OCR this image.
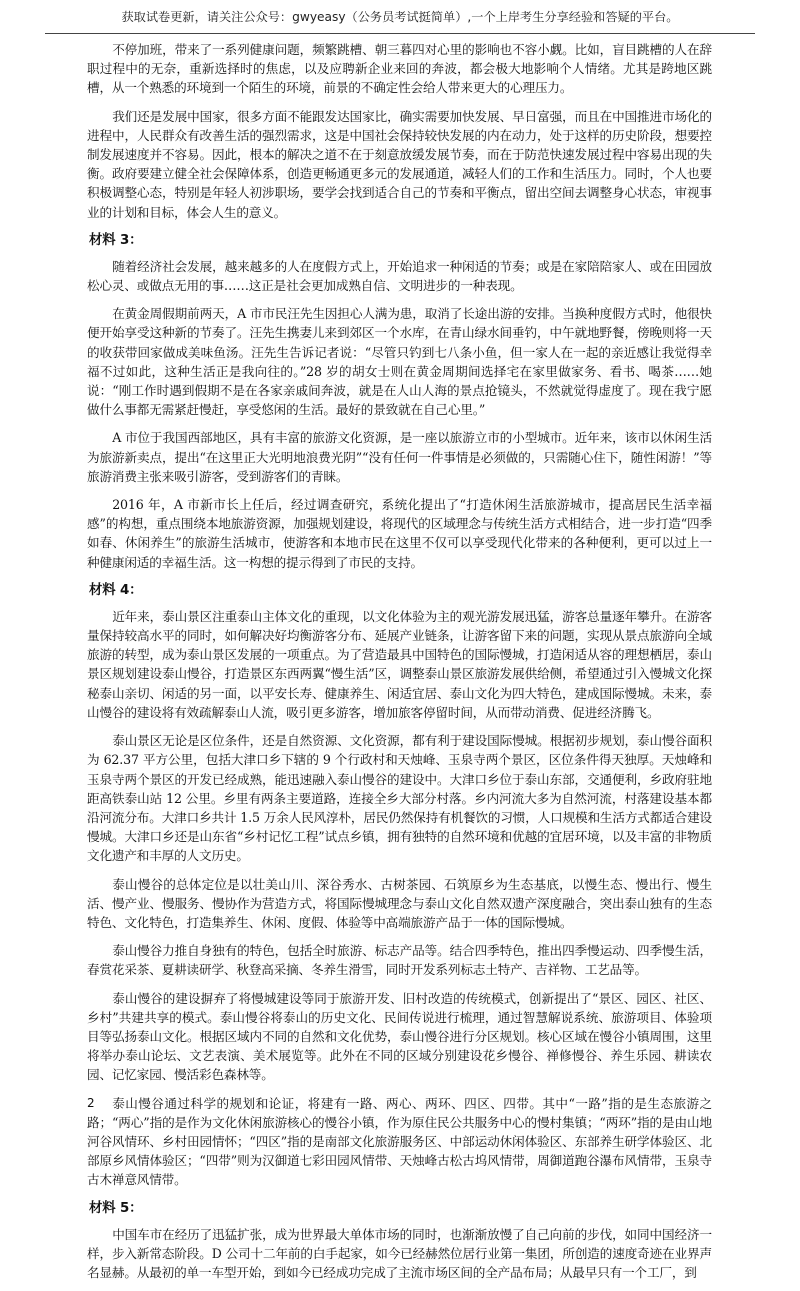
获取试卷更新，请关注公众号：gwyeasy（公务员考试挺简单）,一个上岸考生分享经验和答疑的平台。

不停加班，带来了一系列健康问题，频繁跳槽、朝三暮四对心里的影响也不容小觑。比如，盲目跳槽的人在辞职过程中的无奈，重新选择时的焦虑，以及应聘新企业来回的奔波，都会极大地影响个人情绪。尤其是跨地区跳槽，从一个熟悉的环境到一个陌生的环境，前景的不确定性会给人带来更大的心理压力。

我们还是发展中国家，很多方面不能跟发达国家比，确实需要加快发展、早日富强，而且在中国推进市场化的进程中，人民群众有改善生活的强烈需求，这是中国社会保持较快发展的内在动力，处于这样的历史阶段，想要控制发展速度并不容易。因此，根本的解决之道不在于刻意放缓发展节奏，而在于防范快速发展过程中容易出现的失衡。政府要建立健全社会保障体系，创造更畅通更多元的发展通道，减轻人们的工作和生活压力。同时，个人也要积极调整心态，特别是年轻人初涉职场，要学会找到适合自己的节奏和平衡点，留出空间去调整身心状态，审视事业的计划和目标，体会人生的意义。

材料 3：

随着经济社会发展，越来越多的人在度假方式上，开始追求一种闲适的节奏；或是在家陪陪家人、或在田园放松心灵、或做点无用的事……这正是社会更加成熟自信、文明进步的一种表现。

在黄金周假期前两天，A 市市民汪先生因担心人满为患，取消了长途出游的安排。当换种度假方式时，他很快便开始享受这种新的节奏了。汪先生携妻儿来到郊区一个水库，在青山绿水间垂钓，中午就地野餐，傍晚则将一天的收获带回家做成美味鱼汤。汪先生告诉记者说：“尽管只钓到七八条小鱼，但一家人在一起的亲近感让我觉得幸福不过如此，这种生活正是我向往的。”28 岁的胡女士则在黄金周期间选择宅在家里做家务、看书、喝茶……她说：“刚工作时遇到假期不是在各家亲戚间奔波，就是在人山人海的景点抢镜头，不然就觉得虚度了。现在我宁愿做什么事都无需紧赶慢赶，享受悠闲的生活。最好的景致就在自己心里。”

A 市位于我国西部地区，具有丰富的旅游文化资源，是一座以旅游立市的小型城市。近年来，该市以休闲生活为旅游新卖点，提出“在这里正大光明地浪费光阴”“没有任何一件事情是必须做的，只需随心住下，随性闲游！”等旅游消费主张来吸引游客，受到游客们的青睐。

2016 年，A 市新市长上任后，经过调查研究，系统化提出了“打造休闲生活旅游城市，提高居民生活幸福感”的构想，重点围绕本地旅游资源，加强规划建设，将现代的区域理念与传统生活方式相结合，进一步打造“四季如春、休闲养生”的旅游生活城市，使游客和本地市民在这里不仅可以享受现代化带来的各种便利，更可以过上一种健康闲适的幸福生活。这一构想的提示得到了市民的支持。

材料 4：

近年来，泰山景区注重泰山主体文化的重现，以文化体验为主的观光游发展迅猛，游客总量逐年攀升。在游客量保持较高水平的同时，如何解决好均衡游客分布、延展产业链条，让游客留下来的问题，实现从景点旅游向全域旅游的转型，成为泰山景区发展的一项重点。为了营造最具中国特色的国际慢城，打造闲适从容的理想栖居，泰山景区规划建设泰山慢谷，打造景区东西两翼“慢生活”区，调整泰山景区旅游发展供给侧，希望通过引入慢城文化探秘泰山亲切、闲适的另一面，以平安长寿、健康养生、闲适宜居、泰山文化为四大特色，建成国际慢城。未来，泰山慢谷的建设将有效疏解泰山人流，吸引更多游客，增加旅客停留时间，从而带动消费、促进经济腾飞。

泰山景区无论是区位条件，还是自然资源、文化资源，都有利于建设国际慢城。根据初步规划，泰山慢谷面积为 62.37 平方公里，包括大津口乡下辖的 9 个行政村和天烛峰、玉泉寺两个景区，区位条件得天独厚。天烛峰和玉泉寺两个景区的开发已经成熟，能迅速融入泰山慢谷的建设中。大津口乡位于泰山东部，交通便利，乡政府驻地距高铁泰山站 12 公里。乡里有两条主要道路，连接全乡大部分村落。乡内河流大多为自然河流，村落建设基本都沿河流分布。大津口乡共计 1.5 万余人民风淳朴，居民仍然保持有机餐饮的习惯，人口规模和生活方式都适合建设慢城。大津口乡还是山东省“乡村记忆工程”试点乡镇，拥有独特的自然环境和优越的宜居环境，以及丰富的非物质文化遗产和丰厚的人文历史。

泰山慢谷的总体定位是以壮美山川、深谷秀水、古树茶园、石筑原乡为生态基底，以慢生态、慢出行、慢生活、慢产业、慢服务、慢协作为营造方式，将国际慢城理念与泰山文化自然双遗产深度融合，突出泰山独有的生态特色、文化特色，打造集养生、休闲、度假、体验等中高端旅游产品于一体的国际慢城。

泰山慢谷力推自身独有的特色，包括全时旅游、标志产品等。结合四季特色，推出四季慢运动、四季慢生活，春赏花采茶、夏耕读研学、秋登高采摘、冬养生滑雪，同时开发系列标志土特产、吉祥物、工艺品等。

泰山慢谷的建设摒弃了将慢城建设等同于旅游开发、旧村改造的传统模式，创新提出了“景区、园区、社区、乡村”共建共享的模式。泰山慢谷将泰山的历史文化、民间传说进行梳理，通过智慧解说系统、旅游项目、体验项目等弘扬泰山文化。根据区域内不同的自然和文化优势，泰山慢谷进行分区规划。核心区域在慢谷小镇周围，这里将举办泰山论坛、文艺表演、美术展览等。此外在不同的区域分别建设花乡慢谷、禅修慢谷、养生乐园、耕读农园、记忆家园、慢活彩色森林等。

泰山慢谷通过科学的规划和论证，将建有一路、两心、两环、四区、四带。其中“一路”指的是生态旅游之路；“两心”指的是作为文化休闲旅游核心的慢谷小镇，作为原住民公共服务中心的慢村集镇；“两环”指的是由山地河谷风情环、乡村田园情怀；“四区”指的是南部文化旅游服务区、中部运动休闲体验区、东部养生研学体验区、北部原乡风情体验区；“四带”则为汉御道七彩田园风情带、天烛峰古松古坞风情带，周御道跑谷瀑布风情带，玉泉寺古木禅意风情带。

材料 5：

中国车市在经历了迅猛扩张，成为世界最大单体市场的同时，也渐渐放慢了自己向前的步伐，如同中国经济一样，步入新常态阶段。D 公司十二年前的白手起家，如今已经赫然位居行业第一集团，所创造的速度奇迹在业界声名显赫。从最初的单一车型开始，到如今已经成功完成了主流市场区间的全产品布局；从最早只有一个工厂，到

2
